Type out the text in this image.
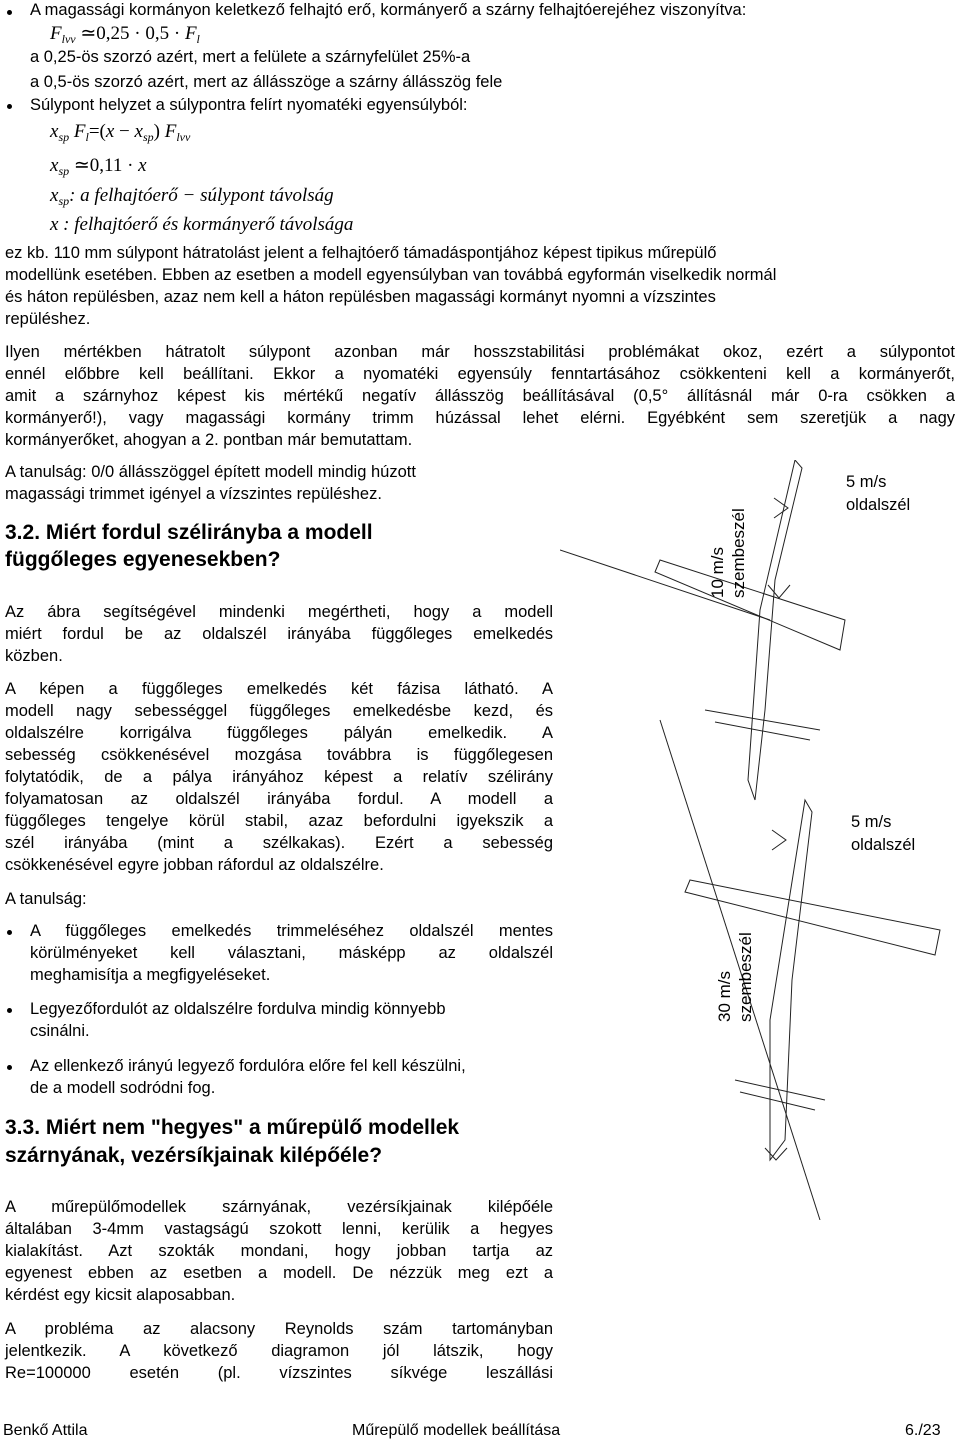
A magassági kormányon keletkező felhajtó erő, kormányerő a szárny felhajtóerejéhez viszonyítva:
$F_{lvv}$ ≃0,25 · $0,5 \cdot F_l$
a 0,25-ös szorzó azért, mert a felülete a szárnyfelület 25%-a
a 0,5-ös szorzó azért, mert az állásszöge a szárny állásszög fele
Súlypont helyzet a súlypontra felírt nyomatéki egyensúlyból:
$x_{sp}$ $F_l=(x - x_{sp})$ $F_{lvv}$
$x_{sp}$ ≃0,11 · x
$x_{sp}$: a felhajtóerő − súlypont távolság
x : felhajtóerő és kormányerő távolsága
ez kb. 110 mm súlypont hátratolást jelent a felhajtóerő támadáspontjához képest tipikus műrepülő
modellünk esetében. Ebben az esetben a modell egyensúlyban van továbbá egyformán viselkedik normál
és háton repülésben, azaz nem kell a háton repülésben magassági kormányt nyomni a vízszintes
repüléshez.
Ilyen mértékben hátratolt súlypont azonban már hosszstabilitási problémákat okoz, ezért a súlypontot
ennél előbbre kell beállítani. Ekkor a nyomatéki egyensúly fenntartásához csökkenteni kell a kormányerőt,
amit a szárnyhoz képest kis mértékű negatív állásszög beállításával (0,5° állításnál már 0-ra csökken a
kormányerő!), vagy magassági kormány trimm húzással lehet elérni. Egyébként sem szeretjük a nagy
kormányerőket, ahogyan a 2. pontban már bemutattam.
A tanulság: 0/0 állásszöggel épített modell mindig húzott
magassági trimmet igényel a vízszintes repüléshez.
3.2. Miért fordul szélirányba a modell
függőleges egyenesekben?
Az ábra segítségével mindenki megértheti, hogy a modell
miért fordul be az oldalszél irányába függőleges emelkedés
közben.
A képen a függőleges emelkedés két fázisa látható. A
modell nagy sebességgel függőleges emelkedésbe kezd, és
oldalszélre korrigálva függőleges pályán emelkedik. A
sebesség csökkenésével mozgása továbbra is függőlegesen
folytatódik, de a pálya irányához képest a relatív szélirány
folyamatosan az oldalszél irányába fordul. A modell a
függőleges tengelye körül stabil, azaz befordulni igyekszik a
szél irányába (mint a szélkakas). Ezért a sebesség
csökkenésével egyre jobban ráfordul az oldalszélre.
A tanulság:
A függőleges emelkedés trimmeléséhez oldalszél mentes
körülményeket kell választani, másképp az oldalszél
meghamisítja a megfigyeléseket.
Legyezőfordulót az oldalszélre fordulva mindig könnyebb
csinálni.
Az ellenkező irányú legyező fordulóra előre fel kell készülni,
de a modell sodródni fog.
3.3. Miért nem "hegyes" a műrepülő modellek
szárnyának, vezérsíkjainak kilépőéle?
A műrepülőmodellek szárnyának, vezérsíkjainak kilépőéle
általában 3-4mm vastagságú szokott lenni, kerülik a hegyes
kialakítást. Azt szokták mondani, hogy jobban tartja az
egyenest ebben az esetben a modell. De nézzük meg ezt a
kérdést egy kicsit alaposabban.
A probléma az alacsony Reynolds szám tartományban
jelentkezik. A következő diagramon jól látszik, hogy
Re=100000 esetén (pl. vízszintes síkvége leszállási
10 m/s szembeszél
5 m/s
oldalszél
30 m/s szembeszél
5 m/s
oldalszél
Benkő Attila	Műrepülő modellek beállítása	6./23
